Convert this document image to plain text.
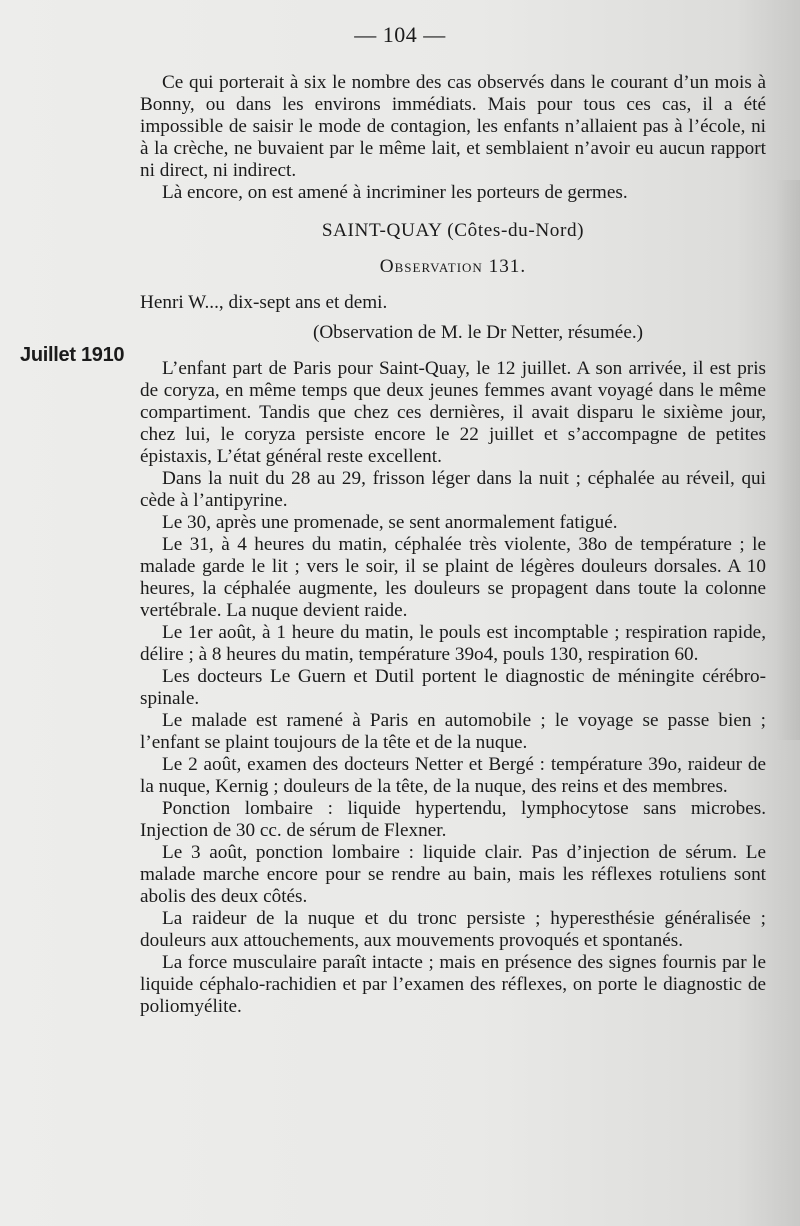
— 104 —
Juillet 1910

Ce qui porterait à six le nombre des cas observés dans le courant d’un mois à Bonny, ou dans les environs immédiats. Mais pour tous ces cas, il a été impossible de saisir le mode de contagion, les enfants n’allaient pas à l’école, ni à la crèche, ne buvaient par le même lait, et semblaient n’avoir eu aucun rapport ni direct, ni indirect.

Là encore, on est amené à incriminer les porteurs de germes.

SAINT-QUAY (Côtes-du-Nord)
Observation 131.

Henri W..., dix-sept ans et demi.

(Observation de M. le Dr Netter, résumée.)

L’enfant part de Paris pour Saint-Quay, le 12 juillet. A son arrivée, il est pris de coryza, en même temps que deux jeunes femmes avant voyagé dans le même compartiment. Tandis que chez ces dernières, il avait disparu le sixième jour, chez lui, le coryza persiste encore le 22 juillet et s’accompagne de petites épistaxis, L’état général reste excellent.

Dans la nuit du 28 au 29, frisson léger dans la nuit ; céphalée au réveil, qui cède à l’antipyrine.

Le 30, après une promenade, se sent anormalement fatigué.

Le 31, à 4 heures du matin, céphalée très violente, 38o de température ; le malade garde le lit ; vers le soir, il se plaint de légères douleurs dorsales. A 10 heures, la céphalée augmente, les douleurs se propagent dans toute la colonne vertébrale. La nuque devient raide.

Le 1er août, à 1 heure du matin, le pouls est incomptable ; respiration rapide, délire ; à 8 heures du matin, température 39o4, pouls 130, respiration 60.

Les docteurs Le Guern et Dutil portent le diagnostic de méningite cérébro-spinale.

Le malade est ramené à Paris en automobile ; le voyage se passe bien ; l’enfant se plaint toujours de la tête et de la nuque.

Le 2 août, examen des docteurs Netter et Bergé : température 39o, raideur de la nuque, Kernig ; douleurs de la tête, de la nuque, des reins et des membres.

Ponction lombaire : liquide hypertendu, lymphocytose sans microbes. Injection de 30 cc. de sérum de Flexner.

Le 3 août, ponction lombaire : liquide clair. Pas d’injection de sérum. Le malade marche encore pour se rendre au bain, mais les réflexes rotuliens sont abolis des deux côtés.

La raideur de la nuque et du tronc persiste ; hyperesthésie généralisée ; douleurs aux attouchements, aux mouvements provoqués et spontanés.

La force musculaire paraît intacte ; mais en présence des signes fournis par le liquide céphalo-rachidien et par l’examen des réflexes, on porte le diagnostic de poliomyélite.
